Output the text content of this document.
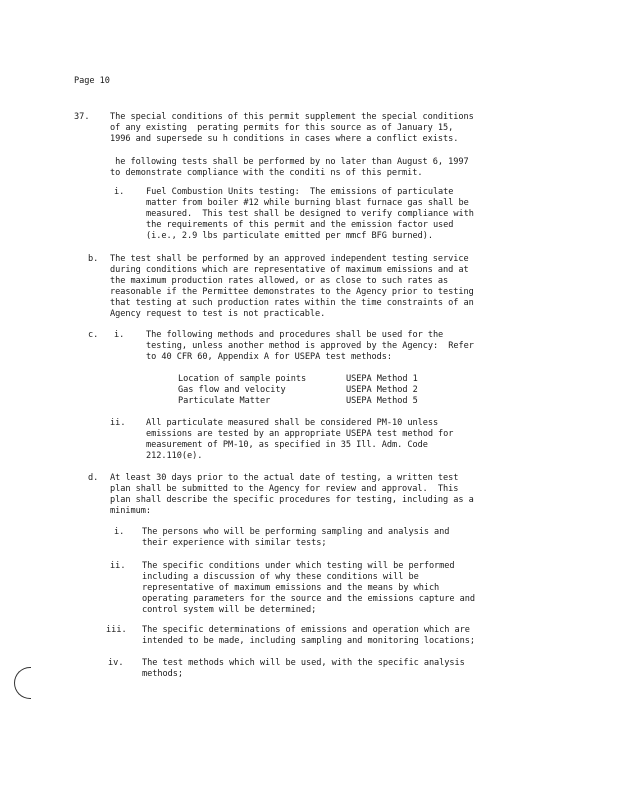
Page 10
37. The special conditions of this permit supplement the special conditions
of any existing  perating permits for this source as of January 15,
1996 and supersede su h conditions in cases where a conflict exists.
he following tests shall be performed by no later than August 6, 1997
to demonstrate compliance with the conditi ns of this permit.
i.	Fuel Combustion Units testing:  The emissions of particulate
matter from boiler #12 while burning blast furnace gas shall be
measured.  This test shall be designed to verify compliance with
the requirements of this permit and the emission factor used
(i.e., 2.9 lbs particulate emitted per mmcf BFG burned).
b. The test shall be performed by an approved independent testing service
during conditions which are representative of maximum emissions and at
the maximum production rates allowed, or as close to such rates as
reasonable if the Permittee demonstrates to the Agency prior to testing
that testing at such production rates within the time constraints of an
Agency request to test is not practicable.
c. i.	The following methods and procedures shall be used for the
testing, unless another method is approved by the Agency:  Refer
to 40 CFR 60, Appendix A for USEPA test methods:
Location of sample points	USEPA Method 1
Gas flow and velocity	USEPA Method 2
Particulate Matter	USEPA Method 5
ii. All particulate measured shall be considered PM-10 unless
emissions are tested by an appropriate USEPA test method for
measurement of PM-10, as specified in 35 Ill. Adm. Code
212.110(e).
d. At least 30 days prior to the actual date of testing, a written test
plan shall be submitted to the Agency for review and approval.  This
plan shall describe the specific procedures for testing, including as a
minimum:
i. The persons who will be performing sampling and analysis and
their experience with similar tests;
ii. The specific conditions under which testing will be performed
including a discussion of why these conditions will be
representative of maximum emissions and the means by which
operating parameters for the source and the emissions capture and
control system will be determined;
iii. The specific determinations of emissions and operation which are
intended to be made, including sampling and monitoring locations;
iv. The test methods which will be used, with the specific analysis
methods;
